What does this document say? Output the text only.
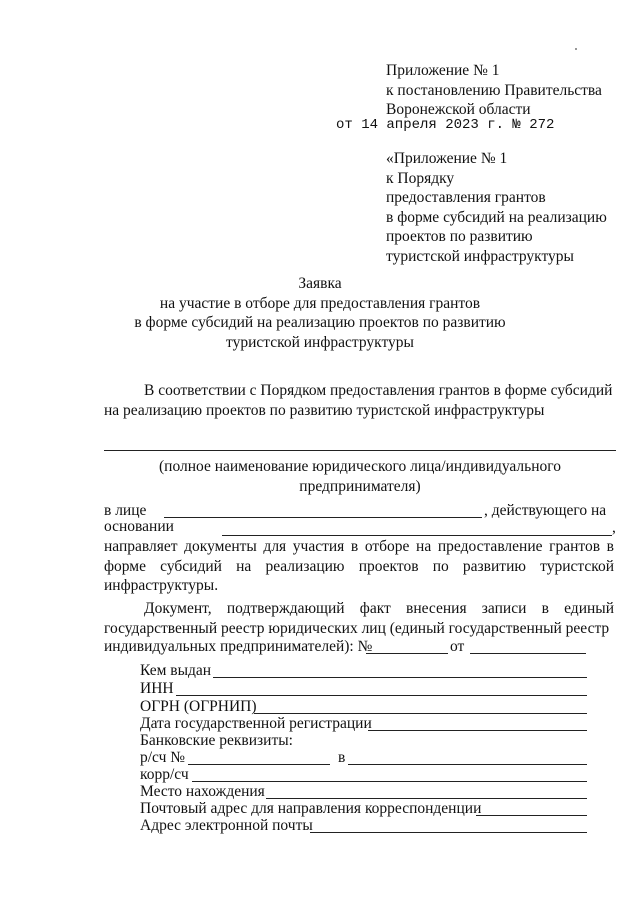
Приложение № 1
к постановлению Правительства
Воронежской области
от 14 апреля 2023 г. № 272
«Приложение № 1
к Порядку
предоставления грантов
в форме субсидий на реализацию
проектов по развитию
туристской инфраструктуры
Заявка
на участие в отборе для предоставления грантов
в форме субсидий на реализацию проектов по развитию
туристской инфраструктуры
В соответствии с Порядком предоставления грантов в форме субсидий
на реализацию проектов по развитию туристской инфраструктуры
(полное наименование юридического лица/индивидуального
предпринимателя)
в лице	, действующего на
основании	,
направляет документы для участия в отборе на предоставление грантов в
форме субсидий на реализацию проектов по развитию туристской
инфраструктуры.
Документ, подтверждающий факт внесения записи в единый
государственный реестр юридических лиц (единый государственный реестр
индивидуальных предпринимателей): №	от
Кем выдан
ИНН
ОГРН (ОГРНИП)
Дата государственной регистрации
Банковские реквизиты:
р/сч №	в
корр/сч
Место нахождения
Почтовый адрес для направления корреспонденции
Адрес электронной почты
